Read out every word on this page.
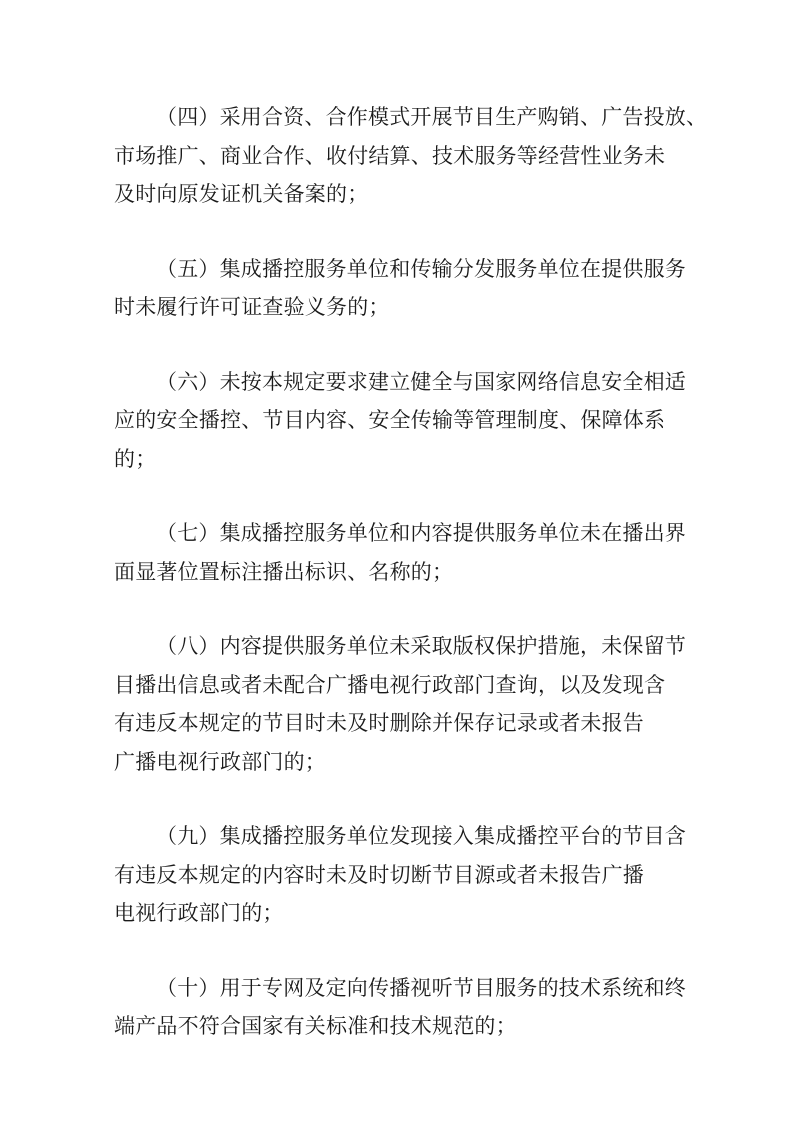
（四）采用合资、合作模式开展节目生产购销、广告投放、
市场推广、商业合作、收付结算、技术服务等经营性业务未
及时向原发证机关备案的；

（五）集成播控服务单位和传输分发服务单位在提供服务
时未履行许可证查验义务的；

（六）未按本规定要求建立健全与国家网络信息安全相适
应的安全播控、节目内容、安全传输等管理制度、保障体系
的；

（七）集成播控服务单位和内容提供服务单位未在播出界
面显著位置标注播出标识、名称的；

（八）内容提供服务单位未采取版权保护措施，未保留节
目播出信息或者未配合广播电视行政部门查询，以及发现含
有违反本规定的节目时未及时删除并保存记录或者未报告
广播电视行政部门的；

（九）集成播控服务单位发现接入集成播控平台的节目含
有违反本规定的内容时未及时切断节目源或者未报告广播
电视行政部门的；

（十）用于专网及定向传播视听节目服务的技术系统和终
端产品不符合国家有关标准和技术规范的；
